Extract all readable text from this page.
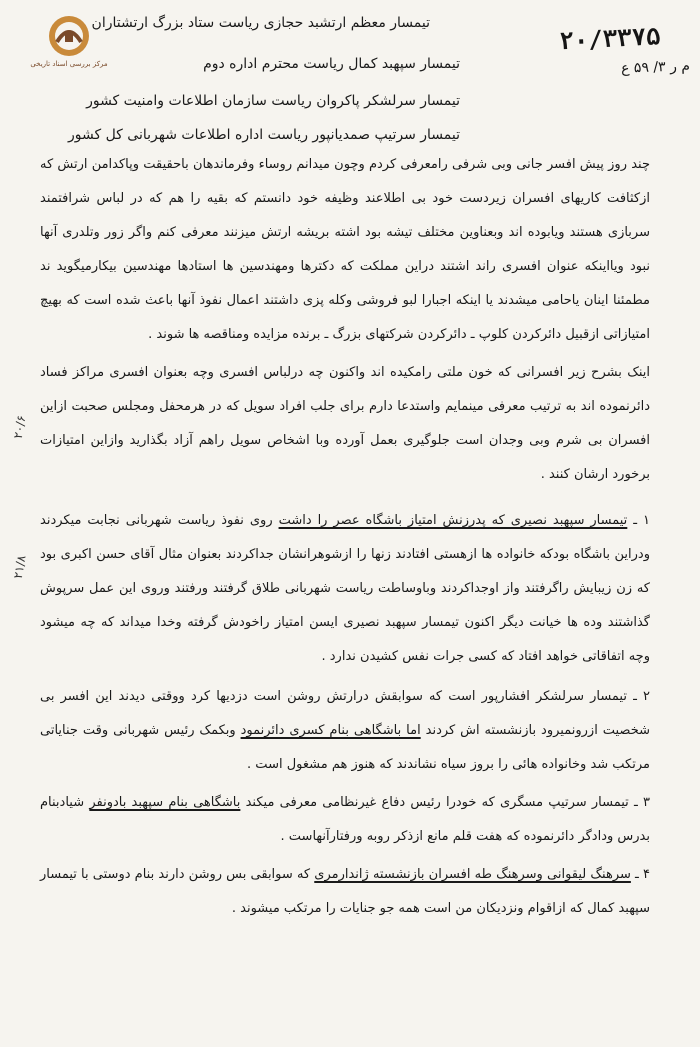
مرکز بررسی اسناد تاریخی
۲۰/۳۳۷۵
م ر ۳/ ۵۹ ع
تیمسار معظم ارتشبد حجازی ریاست ستاد بزرگ ارتشتاران
تیمسار سپهبد کمال ریاست محترم اداره دوم
تیمسار سرلشکر پاکروان ریاست سازمان اطلاعات وامنیت کشور
تیمسار سرتیپ صمدیانپور ریاست اداره اطلاعات شهربانی کل کشور

چند روز پیش افسر جانی وبی شرفی رامعرفی کردم وچون میدانم روساء وفرماندهان باحقیقت وپاکدامن ارتش که ازکثافت کاریهای افسران زیردست خود بی اطلاعند وظیفه خود دانستم که بقیه را هم که در لباس شرافتمند سربازی هستند ویابوده اند وبعناوین مختلف تیشه بود اشته بریشه ارتش میزنند معرفی کنم واگر زور وتلدری آنها نبود ویااینکه عنوان افسری راند اشتند دراین مملکت که دکترها ومهندسین ها استادها مهندسین بیکارمیگوید ند مطمئنا اینان یاحامی میشدند یا اینکه اجبارا لبو فروشی وکله پزی داشتند اعمال نفوذ آنها باعث شده است که بهیچ امتیازاتی ازقبیل دائرکردن کلوپ ـ دائرکردن شرکتهای بزرگ ـ برنده مزایده ومناقصه ها شوند .

اینک بشرح زیر افسرانی که خون ملتی رامکیده اند واکنون چه درلباس افسری وچه بعنوان افسری مراکز فساد دائرنموده اند به ترتیب معرفی مینمایم واستدعا دارم برای جلب افراد سویل که در هرمحفل ومجلس صحبت ازاین افسران بی شرم وبی وجدان است جلوگیری بعمل آورده وبا اشخاص سویل راهم آزاد بگذارید وازاین امتیازات برخورد ارشان کنند .

۱ ـ تیمسار سپهبد نصیری که پدرزنش امتیاز باشگاه عصر را داشت روی نفوذ ریاست شهربانی نجابت میکردند ودراین باشگاه بودکه خانواده ها ازهستی افتادند زنها را ازشوهرانشان جداکردند بعنوان مثال آقای حسن اکبری بود که زن زیبایش راگرفتند واز اوجداکردند وباوساطت ریاست شهربانی طلاق گرفتند ورفتند وروی این عمل سرپوش گذاشتند وده ها خیانت دیگر اکنون تیمسار سپهبد نصیری ایسن امتیاز راخودش گرفته وخدا میداند که چه میشود وچه اتفاقاتی خواهد افتاد که کسی جرات نفس کشیدن ندارد .

۲ ـ تیمسار سرلشکر افشارپور است که سوابقش درارتش روشن است دزدیها کرد ووقتی دیدند این افسر بی شخصیت ازرونمیرود بازنشسته اش کردند اما باشگاهی بنام کسری دائرنمود وبکمک رئیس شهربانی وقت جنایاتی مرتکب شد وخانواده هائی را بروز سیاه نشاندند که هنوز هم مشغول است .

۳ ـ تیمسار سرتیپ مسگری که خودرا رئیس دفاع غیرنظامی معرفی میکند باشگاهی بنام سپهبد بادونفر شیادبنام بدرس ودادگر دائرنموده که هفت قلم مانع ازذکر روبه ورفتارآنهاست .

۴ ـ سرهنگ لیقوانی وسرهنگ طه افسران بازنشسته ژاندارمری که سوابقی بس روشن دارند بنام دوستی با تیمسار سپهبد کمال که ازاقوام ونزدیکان من است همه جو جنایات را مرتکب میشوند .

۲۰/۶
۲۱/۸
